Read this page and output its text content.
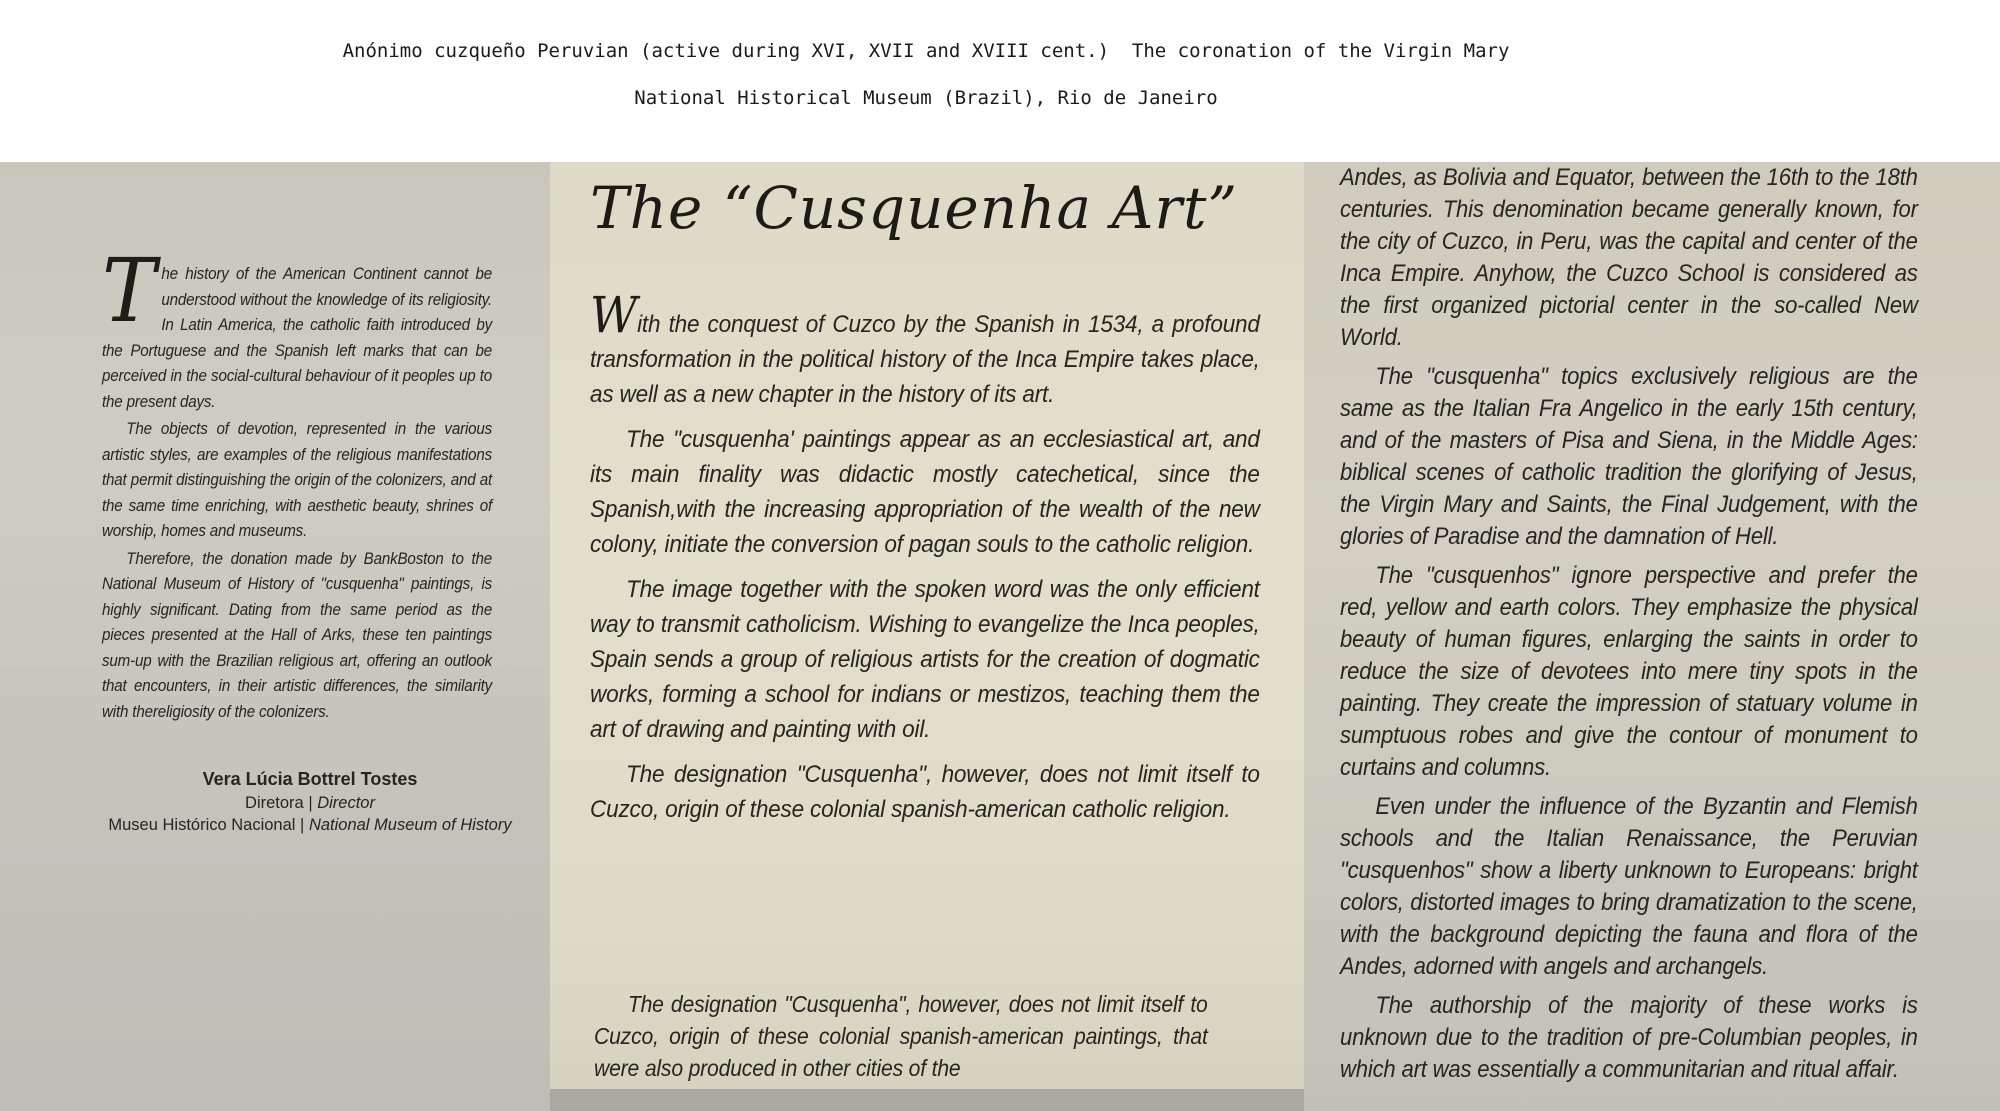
Anónimo cuzqueño Peruvian (active during XVI, XVII and XVIII cent.)  The coronation of the Virgin Mary
National Historical Museum (Brazil), Rio de Janeiro

The history of the American Continent cannot be understood without the knowledge of its religiosity. In Latin America, the catholic faith introduced by the Portuguese and the Spanish left marks that can be perceived in the social-cultural behaviour of it peoples up to the present days.

The objects of devotion, represented in the various artistic styles, are examples of the religious manifestations that permit distinguishing the origin of the colonizers, and at the same time enriching, with aesthetic beauty, shrines of worship, homes and museums.

Therefore, the donation made by BankBoston to the National Museum of History of "cusquenha" paintings, is highly significant. Dating from the same period as the pieces presented at the Hall of Arks, these ten paintings sum-up with the Brazilian religious art, offering an outlook that encounters, in their artistic differences, the similarity with thereligiosity of the colonizers.

Vera Lúcia Bottrel Tostes
Diretora | Director
Museu Histórico Nacional | National Museum of History
The “Cusquenha Art”

With the conquest of Cuzco by the Spanish in 1534, a profound transformation in the political history of the Inca Empire takes place, as well as a new chapter in the history of its art.

The "cusquenha' paintings appear as an ecclesiastical art, and its main finality was didactic mostly catechetical, since the Spanish,with the increasing appropriation of the wealth of the new colony, initiate the conversion of pagan souls to the catholic religion.

The image together with the spoken word was the only efficient way to transmit catholicism. Wishing to evangelize the Inca peoples, Spain sends a group of religious artists for the creation of dogmatic works, forming a school for indians or mestizos, teaching them the art of drawing and painting with oil.

The designation "Cusquenha", however, does not limit itself to Cuzco, origin of these colonial spanish-american catholic religion.

The designation "Cusquenha", however, does not limit itself to Cuzco, origin of these colonial spanish-american paintings, that were also produced in other cities of the

Andes, as Bolivia and Equator, between the 16th to the 18th centuries. This denomination became generally known, for the city of Cuzco, in Peru, was the capital and center of the Inca Empire. Anyhow, the Cuzco School is considered as the first organized pictorial center in the so-called New World.

The "cusquenha" topics exclusively religious are the same as the Italian Fra Angelico in the early 15th century, and of the masters of Pisa and Siena, in the Middle Ages: biblical scenes of catholic tradition the glorifying of Jesus, the Virgin Mary and Saints, the Final Judgement, with the glories of Paradise and the damnation of Hell.

The "cusquenhos" ignore perspective and prefer the red, yellow and earth colors. They emphasize the physical beauty of human figures, enlarging the saints in order to reduce the size of devotees into mere tiny spots in the painting. They create the impression of statuary volume in sumptuous robes and give the contour of monument to curtains and columns.

Even under the influence of the Byzantin and Flemish schools and the Italian Renaissance, the Peruvian "cusquenhos" show a liberty unknown to Europeans: bright colors, distorted images to bring dramatization to the scene, with the background depicting the fauna and flora of the Andes, adorned with angels and archangels.

The authorship of the majority of these works is unknown due to the tradition of pre-Columbian peoples, in which art was essentially a communitarian and ritual affair.
